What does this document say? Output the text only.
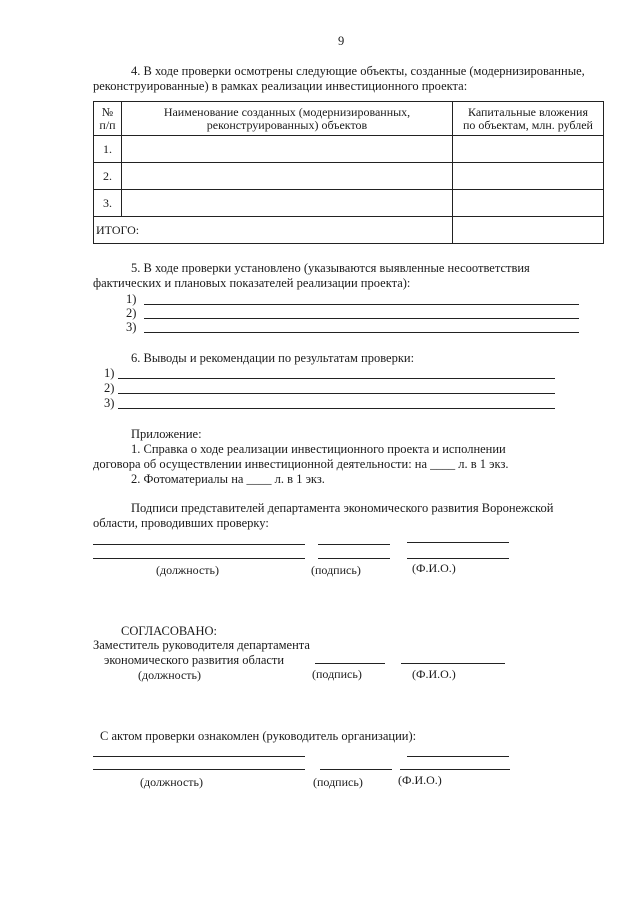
9
4. В ходе проверки осмотрены следующие объекты, созданные (модернизированные,
реконструированные) в рамках реализации инвестиционного проекта:
№
п/п	Наименование созданных (модернизированных,
реконструированных) объектов	Капитальные вложения
по объектам, млн. рублей
1.		
2.		
3.		
ИТОГО:		
5. В ходе проверки установлено (указываются выявленные несоответствия
фактических и плановых показателей реализации проекта):
1)
2)
3)
6. Выводы и рекомендации по результатам проверки:
1)
2)
3)
Приложение:
1. Справка о ходе реализации инвестиционного проекта и исполнении
договора об осуществлении инвестиционной деятельности: на ____ л. в 1 экз.
2. Фотоматериалы на ____ л. в 1 экз.
Подписи представителей департамента экономического развития Воронежской
области, проводивших проверку:
(должность)	(подпись)	(Ф.И.О.)
СОГЛАСОВАНО:
Заместитель руководителя департамента
экономического развития области
(должность)	(подпись)	(Ф.И.О.)
С актом проверки ознакомлен (руководитель организации):
(должность)	(подпись)	(Ф.И.О.)
